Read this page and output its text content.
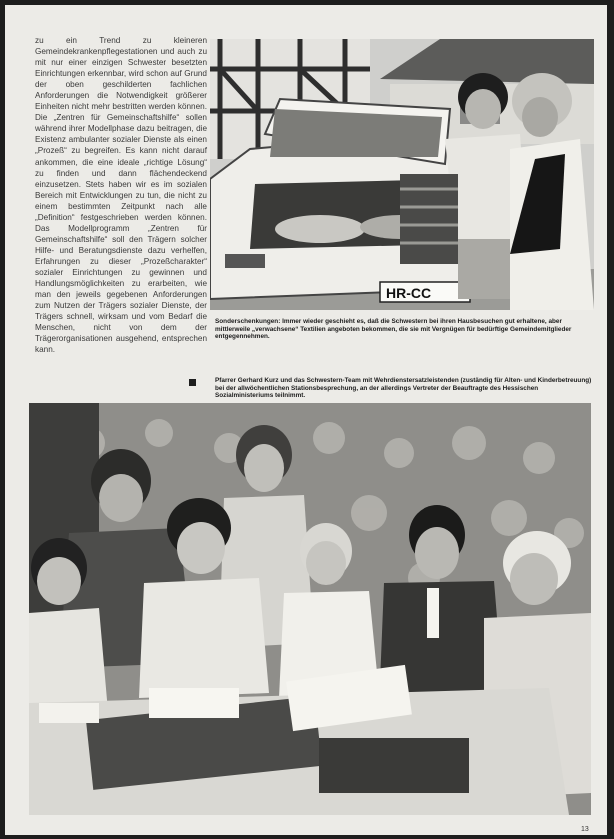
zu ein Trend zu kleineren Gemeindekrankenpflegestationen und auch zu mit nur einer einzigen Schwester besetzten Einrichtungen erkennbar, wird schon auf Grund der oben geschilderten fachlichen Anforderungen die Notwendigkeit größerer Einheiten nicht mehr bestritten werden können. Die „Zentren für Gemeinschaftshilfe“ sollen während ihrer Modellphase dazu beitragen, die Existenz ambulanter sozialer Dienste als einen „Prozeß“ zu begreifen. Es kann nicht darauf ankommen, die eine ideale „richtige Lösung“ zu finden und dann flächendeckend einzusetzen. Stets haben wir es im sozialen Bereich mit Entwicklungen zu tun, die nicht zu einem bestimmten Zeitpunkt nach alle „Definition“ festgeschrieben werden können. Das Modellprogramm „Zentren für Gemeinschaftshilfe“ soll den Trägern solcher Hilfe- und Beratungsdienste dazu verhelfen, Erfahrungen zu dieser „Prozeßcharakter“ sozialer Einrichtungen zu gewinnen und Handlungsmöglichkeiten zu erarbeiten, wie man den jeweils gegebenen Anforderungen zum Nutzen der Trägers sozialer Dienste, der Trägers schnell, wirksam und vom Bedarf die Menschen, nicht von dem der Trägerorganisationen ausgehend, entsprechen kann.
HR-CC
Sonderschenkungen: Immer wieder geschieht es, daß die Schwestern bei ihren Hausbesuchen gut erhaltene, aber mittlerweile „verwachsene“ Textilien angeboten bekommen, die sie mit Vergnügen für bedürftige Gemeindemitglieder entgegennehmen.
Pfarrer Gerhard Kurz und das Schwestern-Team mit Wehrdienstersatzleistenden (zuständig für Alten- und Kinderbetreuung) bei der allwöchentlichen Stationsbesprechung, an der allerdings Vertreter der Beauftragte des Hessischen Sozialministeriums teilnimmt.
13
